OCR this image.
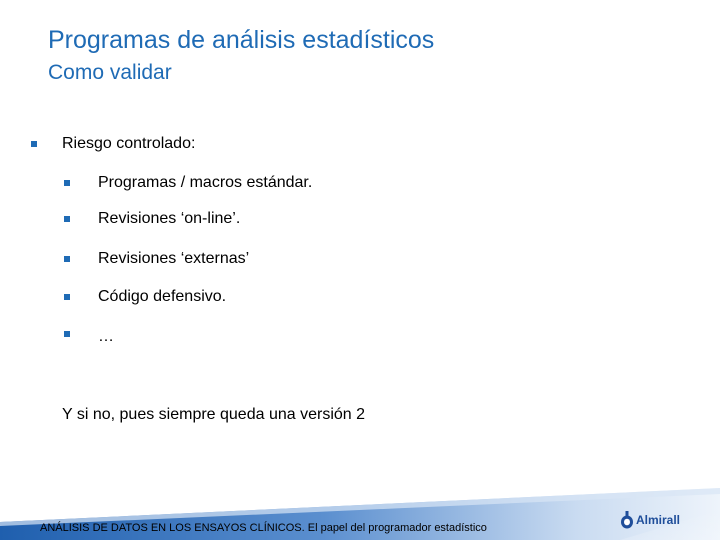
Programas de análisis estadísticos
Como validar
Riesgo controlado:
Programas / macros estándar.
Revisiones ‘on-line’.
Revisiones ‘externas’
Código defensivo.
…
Y si no, pues siempre queda una versión 2
ANÁLISIS DE DATOS EN LOS ENSAYOS CLÍNICOS. El papel del programador estadístico
Almirall
